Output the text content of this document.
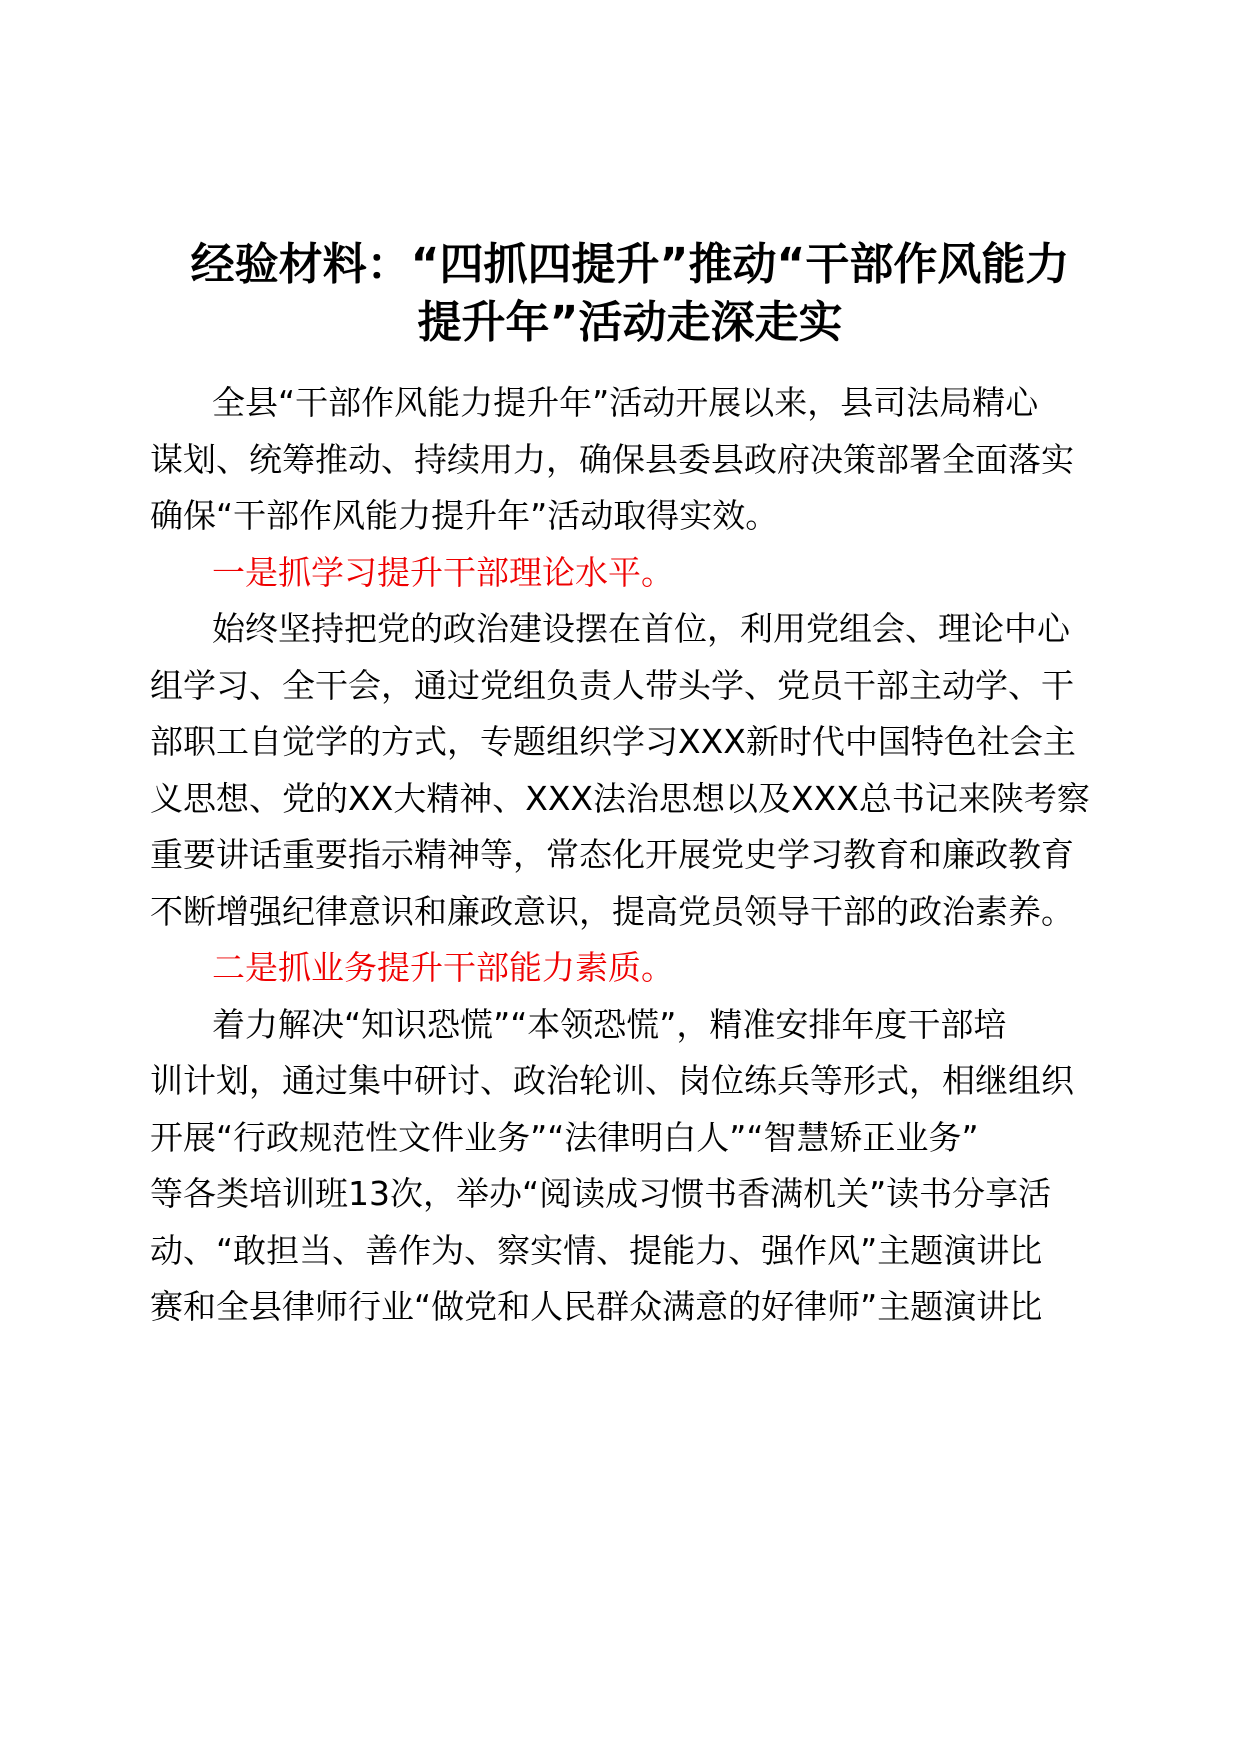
经验材料：“四抓四提升”推动“干部作风能力
提升年”活动走深走实

全县“干部作风能力提升年”活动开展以来，县司法局精心
谋划、统筹推动、持续用力，确保县委县政府决策部署全面落实
确保“干部作风能力提升年”活动取得实效。

一是抓学习提升干部理论水平。

始终坚持把党的政治建设摆在首位，利用党组会、理论中心
组学习、全干会，通过党组负责人带头学、党员干部主动学、干
部职工自觉学的方式，专题组织学习XXX新时代中国特色社会主
义思想、党的XX大精神、XXX法治思想以及XXX总书记来陕考察
重要讲话重要指示精神等，常态化开展党史学习教育和廉政教育
不断增强纪律意识和廉政意识，提高党员领导干部的政治素养。

二是抓业务提升干部能力素质。

着力解决“知识恐慌”“本领恐慌”，精准安排年度干部培
训计划，通过集中研讨、政治轮训、岗位练兵等形式，相继组织
开展“行政规范性文件业务”“法律明白人”“智慧矫正业务”
等各类培训班13次，举办“阅读成习惯书香满机关”读书分享活
动、“敢担当、善作为、察实情、提能力、强作风”主题演讲比
赛和全县律师行业“做党和人民群众满意的好律师”主题演讲比
